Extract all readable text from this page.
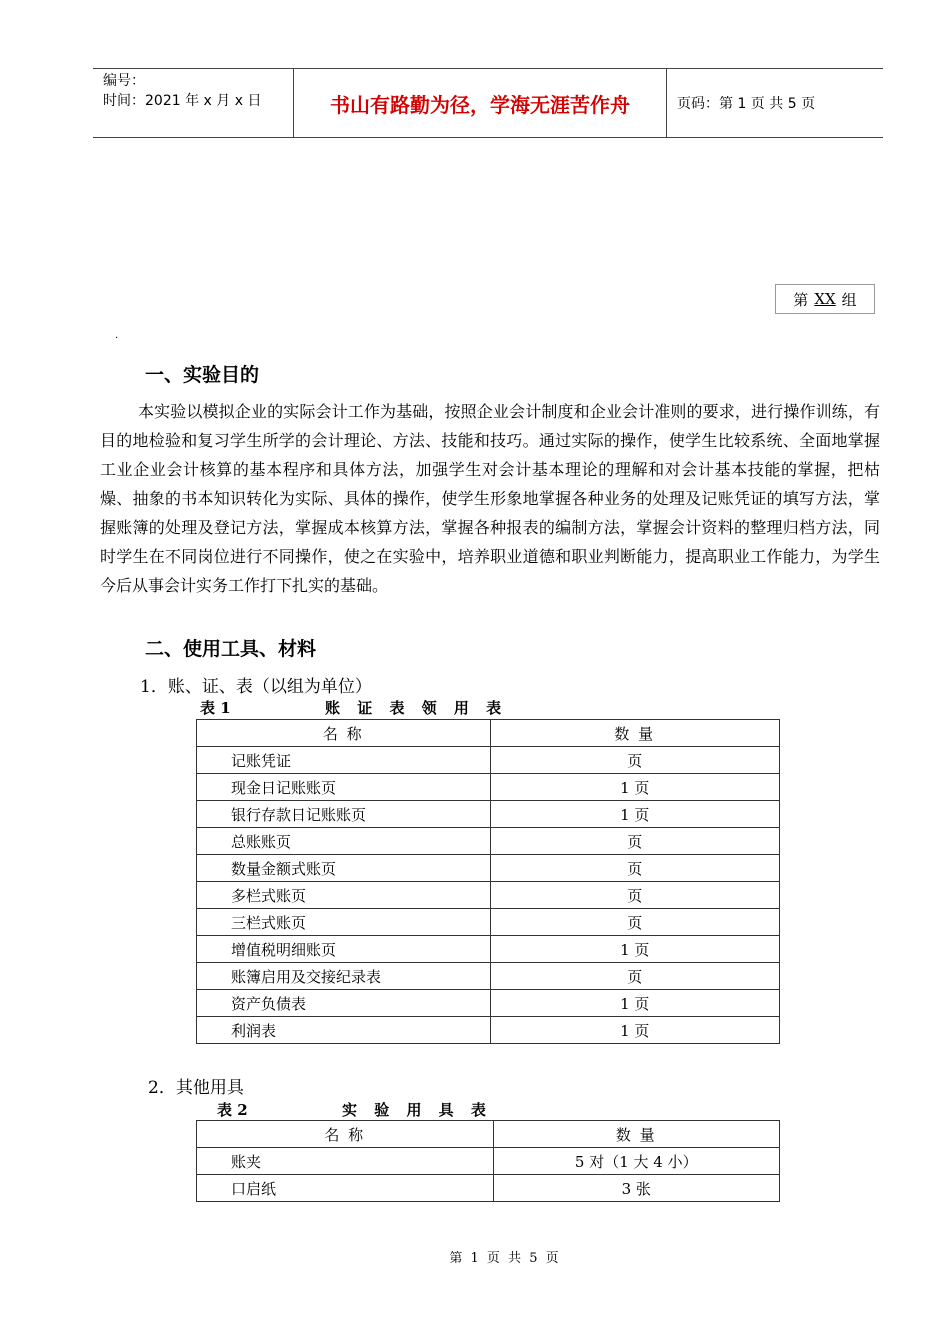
编号：
时间：2021 年 x 月 x 日	书山有路勤为径，学海无涯苦作舟	页码：第 1 页 共 5 页
第 XX 组
.
一、实验目的

本实验以模拟企业的实际会计工作为基础，按照企业会计制度和企业会计准则的要求，进行操作训练，有目的地检验和复习学生所学的会计理论、方法、技能和技巧。通过实际的操作，使学生比较系统、全面地掌握工业企业会计核算的基本程序和具体方法，加强学生对会计基本理论的理解和对会计基本技能的掌握，把枯燥、抽象的书本知识转化为实际、具体的操作，使学生形象地掌握各种业务的处理及记账凭证的填写方法，掌握账簿的处理及登记方法，掌握成本核算方法，掌握各种报表的编制方法，掌握会计资料的整理归档方法，同时学生在不同岗位进行不同操作，使之在实验中，培养职业道德和职业判断能力，提高职业工作能力，为学生今后从事会计实务工作打下扎实的基础。

二、使用工具、材料

1．账、证、表（以组为单位）

表 1	账 证 表 领 用 表
名 称	数 量
记账凭证	页
现金日记账账页	1 页
银行存款日记账账页	1 页
总账账页	页
数量金额式账页	页
多栏式账页	页
三栏式账页	页
增值税明细账页	1 页
账簿启用及交接纪录表	页
资产负债表	1 页
利润表	1 页

2．其他用具

表 2	实 验 用 具 表
名 称	数 量
账夹	5 对（1 大 4 小）
口启纸	3 张
第 1 页 共 5 页
